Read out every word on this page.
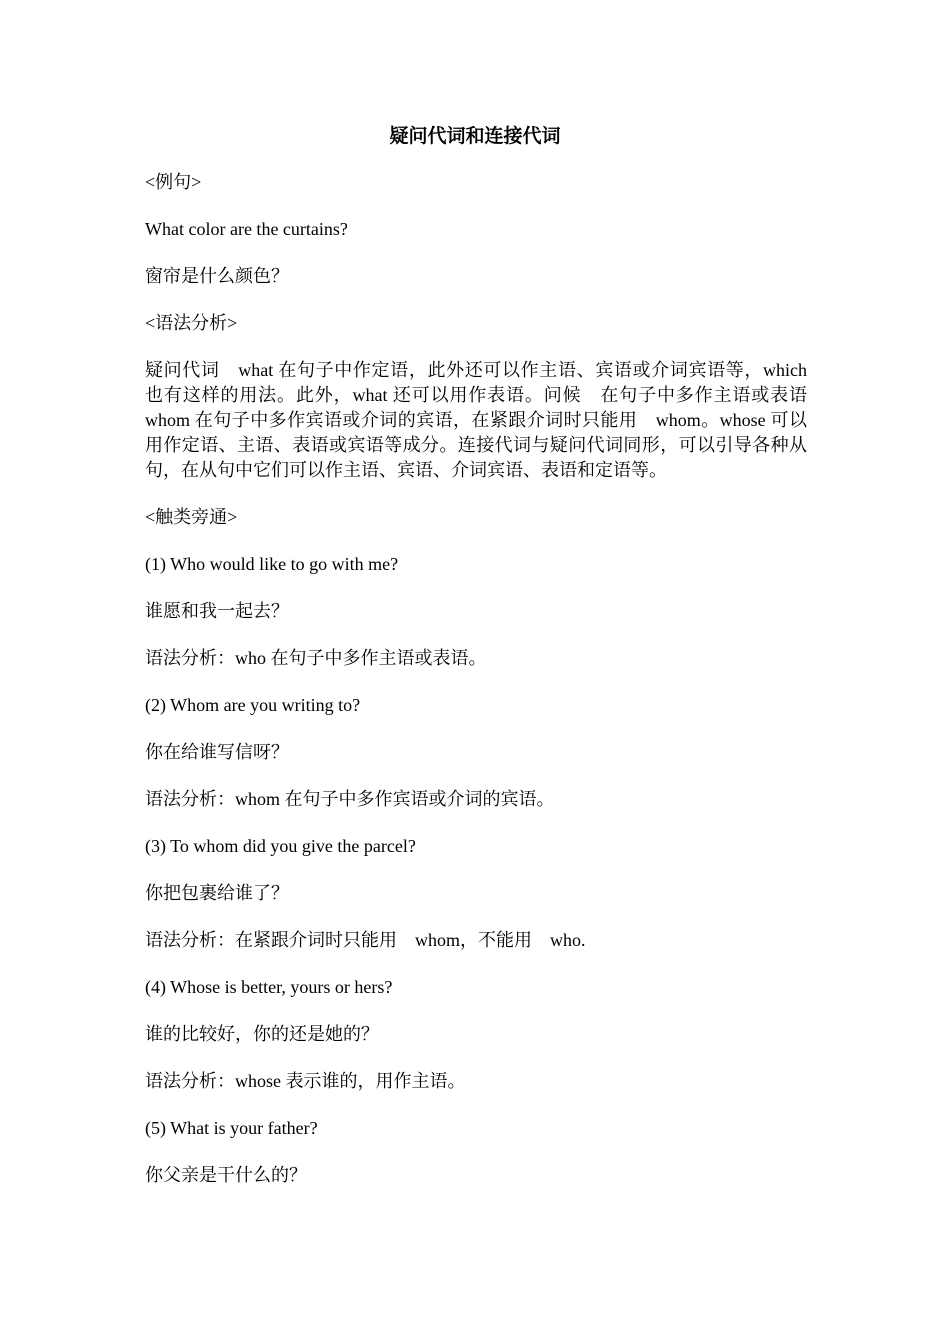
疑问代词和连接代词

<例句>

What color are the curtains?

窗帘是什么颜色？

<语法分析>

疑问代词　what 在句子中作定语，此外还可以作主语、宾语或介词宾语等，which 也有这样的用法。此外，what 还可以用作表语。问候　在句子中多作主语或表语 whom 在句子中多作宾语或介词的宾语，在紧跟介词时只能用　whom。whose 可以用作定语、主语、表语或宾语等成分。连接代词与疑问代词同形，可以引导各种从句，在从句中它们可以作主语、宾语、介词宾语、表语和定语等。

<触类旁通>

(1) Who would like to go with me?

谁愿和我一起去？

语法分析：who 在句子中多作主语或表语。

(2) Whom are you writing to?

你在给谁写信呀？

语法分析：whom 在句子中多作宾语或介词的宾语。

(3) To whom did you give the parcel?

你把包裹给谁了？

语法分析：在紧跟介词时只能用　whom，不能用　who.

(4) Whose is better, yours or hers?

谁的比较好，你的还是她的？

语法分析：whose 表示谁的，用作主语。

(5) What is your father?

你父亲是干什么的？
